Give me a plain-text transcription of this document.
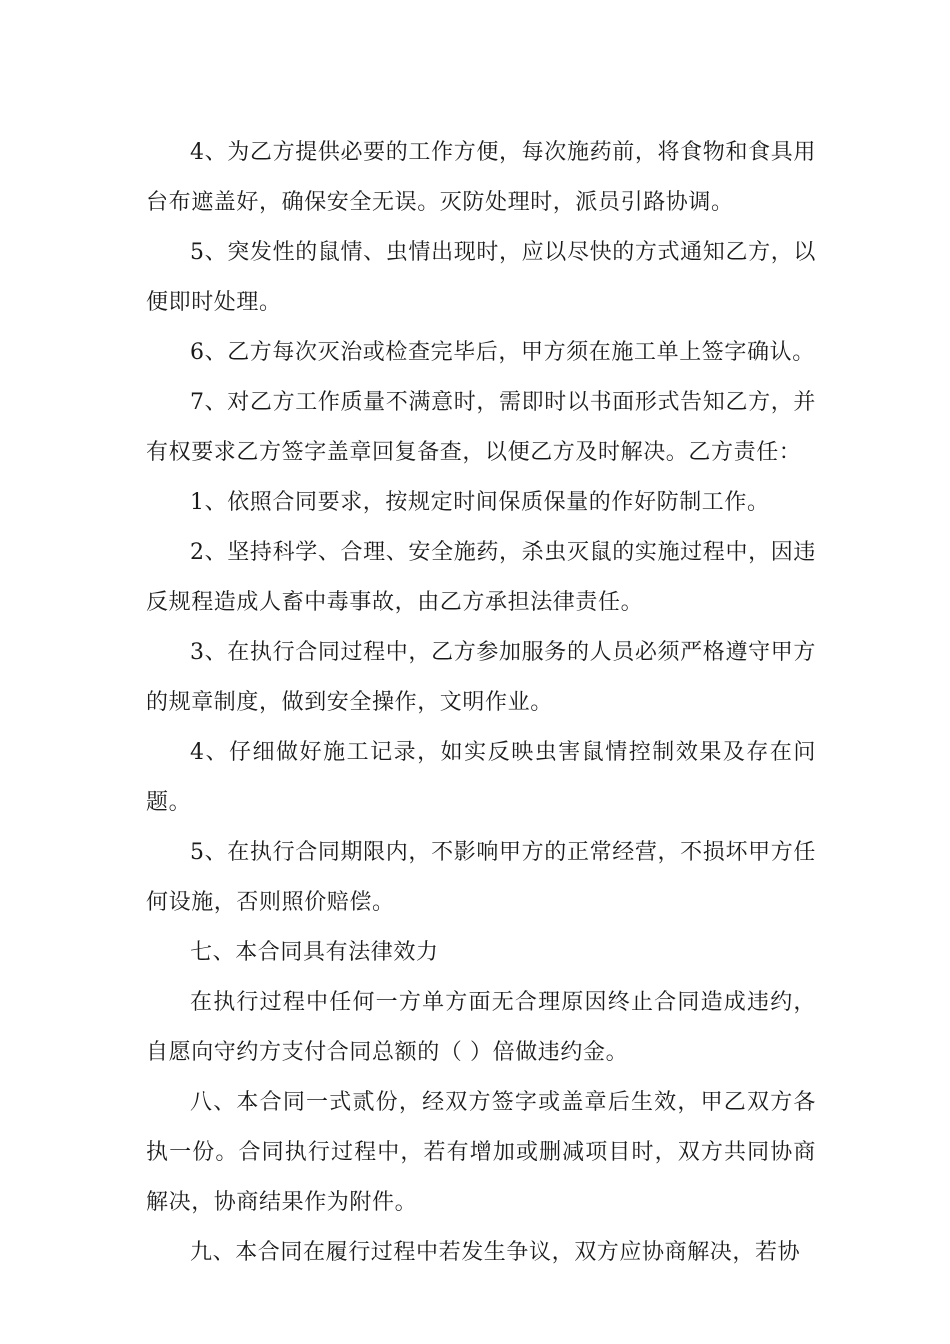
4、为乙方提供必要的工作方便，每次施药前，将食物和食具用台布遮盖好，确保安全无误。灭防处理时，派员引路协调。

5、突发性的鼠情、虫情出现时，应以尽快的方式通知乙方，以便即时处理。

6、乙方每次灭治或检查完毕后，甲方须在施工单上签字确认。

7、对乙方工作质量不满意时，需即时以书面形式告知乙方，并有权要求乙方签字盖章回复备查，以便乙方及时解决。乙方责任：

1、依照合同要求，按规定时间保质保量的作好防制工作。

2、坚持科学、合理、安全施药，杀虫灭鼠的实施过程中，因违反规程造成人畜中毒事故，由乙方承担法律责任。

3、在执行合同过程中，乙方参加服务的人员必须严格遵守甲方的规章制度，做到安全操作，文明作业。

4、仔细做好施工记录，如实反映虫害鼠情控制效果及存在问题。

5、在执行合同期限内，不影响甲方的正常经营，不损坏甲方任何设施，否则照价赔偿。

七、本合同具有法律效力

在执行过程中任何一方单方面无合理原因终止合同造成违约，自愿向守约方支付合同总额的（ ）倍做违约金。

八、本合同一式贰份，经双方签字或盖章后生效，甲乙双方各执一份。合同执行过程中，若有增加或删减项目时，双方共同协商解决，协商结果作为附件。

九、本合同在履行过程中若发生争议，双方应协商解决，若协
